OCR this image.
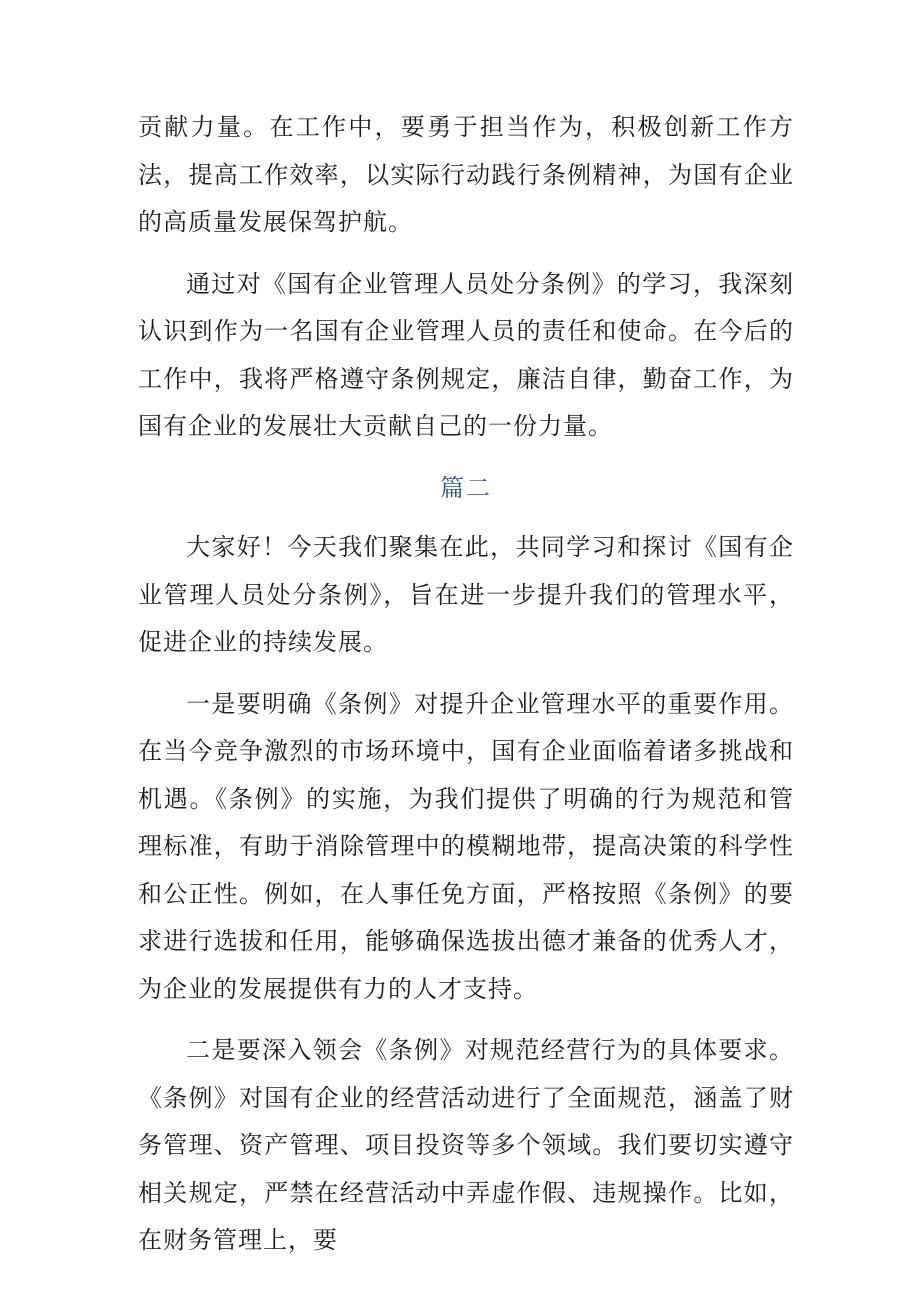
贡献力量。在工作中，要勇于担当作为，积极创新工作方法，提高工作效率，以实际行动践行条例精神，为国有企业的高质量发展保驾护航。

通过对《国有企业管理人员处分条例》的学习，我深刻认识到作为一名国有企业管理人员的责任和使命。在今后的工作中，我将严格遵守条例规定，廉洁自律，勤奋工作，为国有企业的发展壮大贡献自己的一份力量。

篇二

大家好！今天我们聚集在此，共同学习和探讨《国有企业管理人员处分条例》，旨在进一步提升我们的管理水平，促进企业的持续发展。

一是要明确《条例》对提升企业管理水平的重要作用。在当今竞争激烈的市场环境中，国有企业面临着诸多挑战和机遇。《条例》的实施，为我们提供了明确的行为规范和管理标准，有助于消除管理中的模糊地带，提高决策的科学性和公正性。例如，在人事任免方面，严格按照《条例》的要求进行选拔和任用，能够确保选拔出德才兼备的优秀人才，为企业的发展提供有力的人才支持。

二是要深入领会《条例》对规范经营行为的具体要求。《条例》对国有企业的经营活动进行了全面规范，涵盖了财务管理、资产管理、项目投资等多个领域。我们要切实遵守相关规定，严禁在经营活动中弄虚作假、违规操作。比如，在财务管理上，要
